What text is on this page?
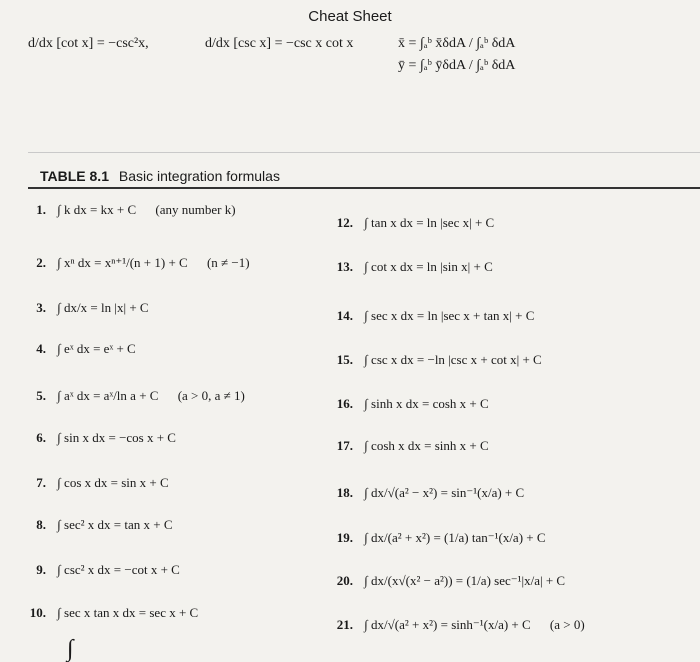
Cheat Sheet
d/dx [cot x] = −csc²x,	d/dx [csc x] = −csc x cot x	x̄ = ∫ₐᵇ x̄δdA / ∫ₐᵇ δdA
ȳ = ∫ₐᵇ ȳδdA / ∫ₐᵇ δdA
TABLE 8.1 Basic integration formulas
1. ∫ k dx = kx + C (any number k)
2. ∫ xⁿ dx = xⁿ⁺¹/(n + 1) + C (n ≠ −1)
3. ∫ dx/x = ln |x| + C
4. ∫ eˣ dx = eˣ + C
5. ∫ aˣ dx = aˣ/ln a + C (a > 0, a ≠ 1)
6. ∫ sin x dx = −cos x + C
7. ∫ cos x dx = sin x + C
8. ∫ sec² x dx = tan x + C
9. ∫ csc² x dx = −cot x + C
10. ∫ sec x tan x dx = sec x + C
12. ∫ tan x dx = ln |sec x| + C
13. ∫ cot x dx = ln |sin x| + C
14. ∫ sec x dx = ln |sec x + tan x| + C
15. ∫ csc x dx = −ln |csc x + cot x| + C
16. ∫ sinh x dx = cosh x + C
17. ∫ cosh x dx = sinh x + C
18. ∫ dx/√(a² − x²) = sin⁻¹(x/a) + C
19. ∫ dx/(a² + x²) = (1/a) tan⁻¹(x/a) + C
20. ∫ dx/(x√(x² − a²)) = (1/a) sec⁻¹|x/a| + C
21. ∫ dx/√(a² + x²) = sinh⁻¹(x/a) + C (a > 0)
∫
